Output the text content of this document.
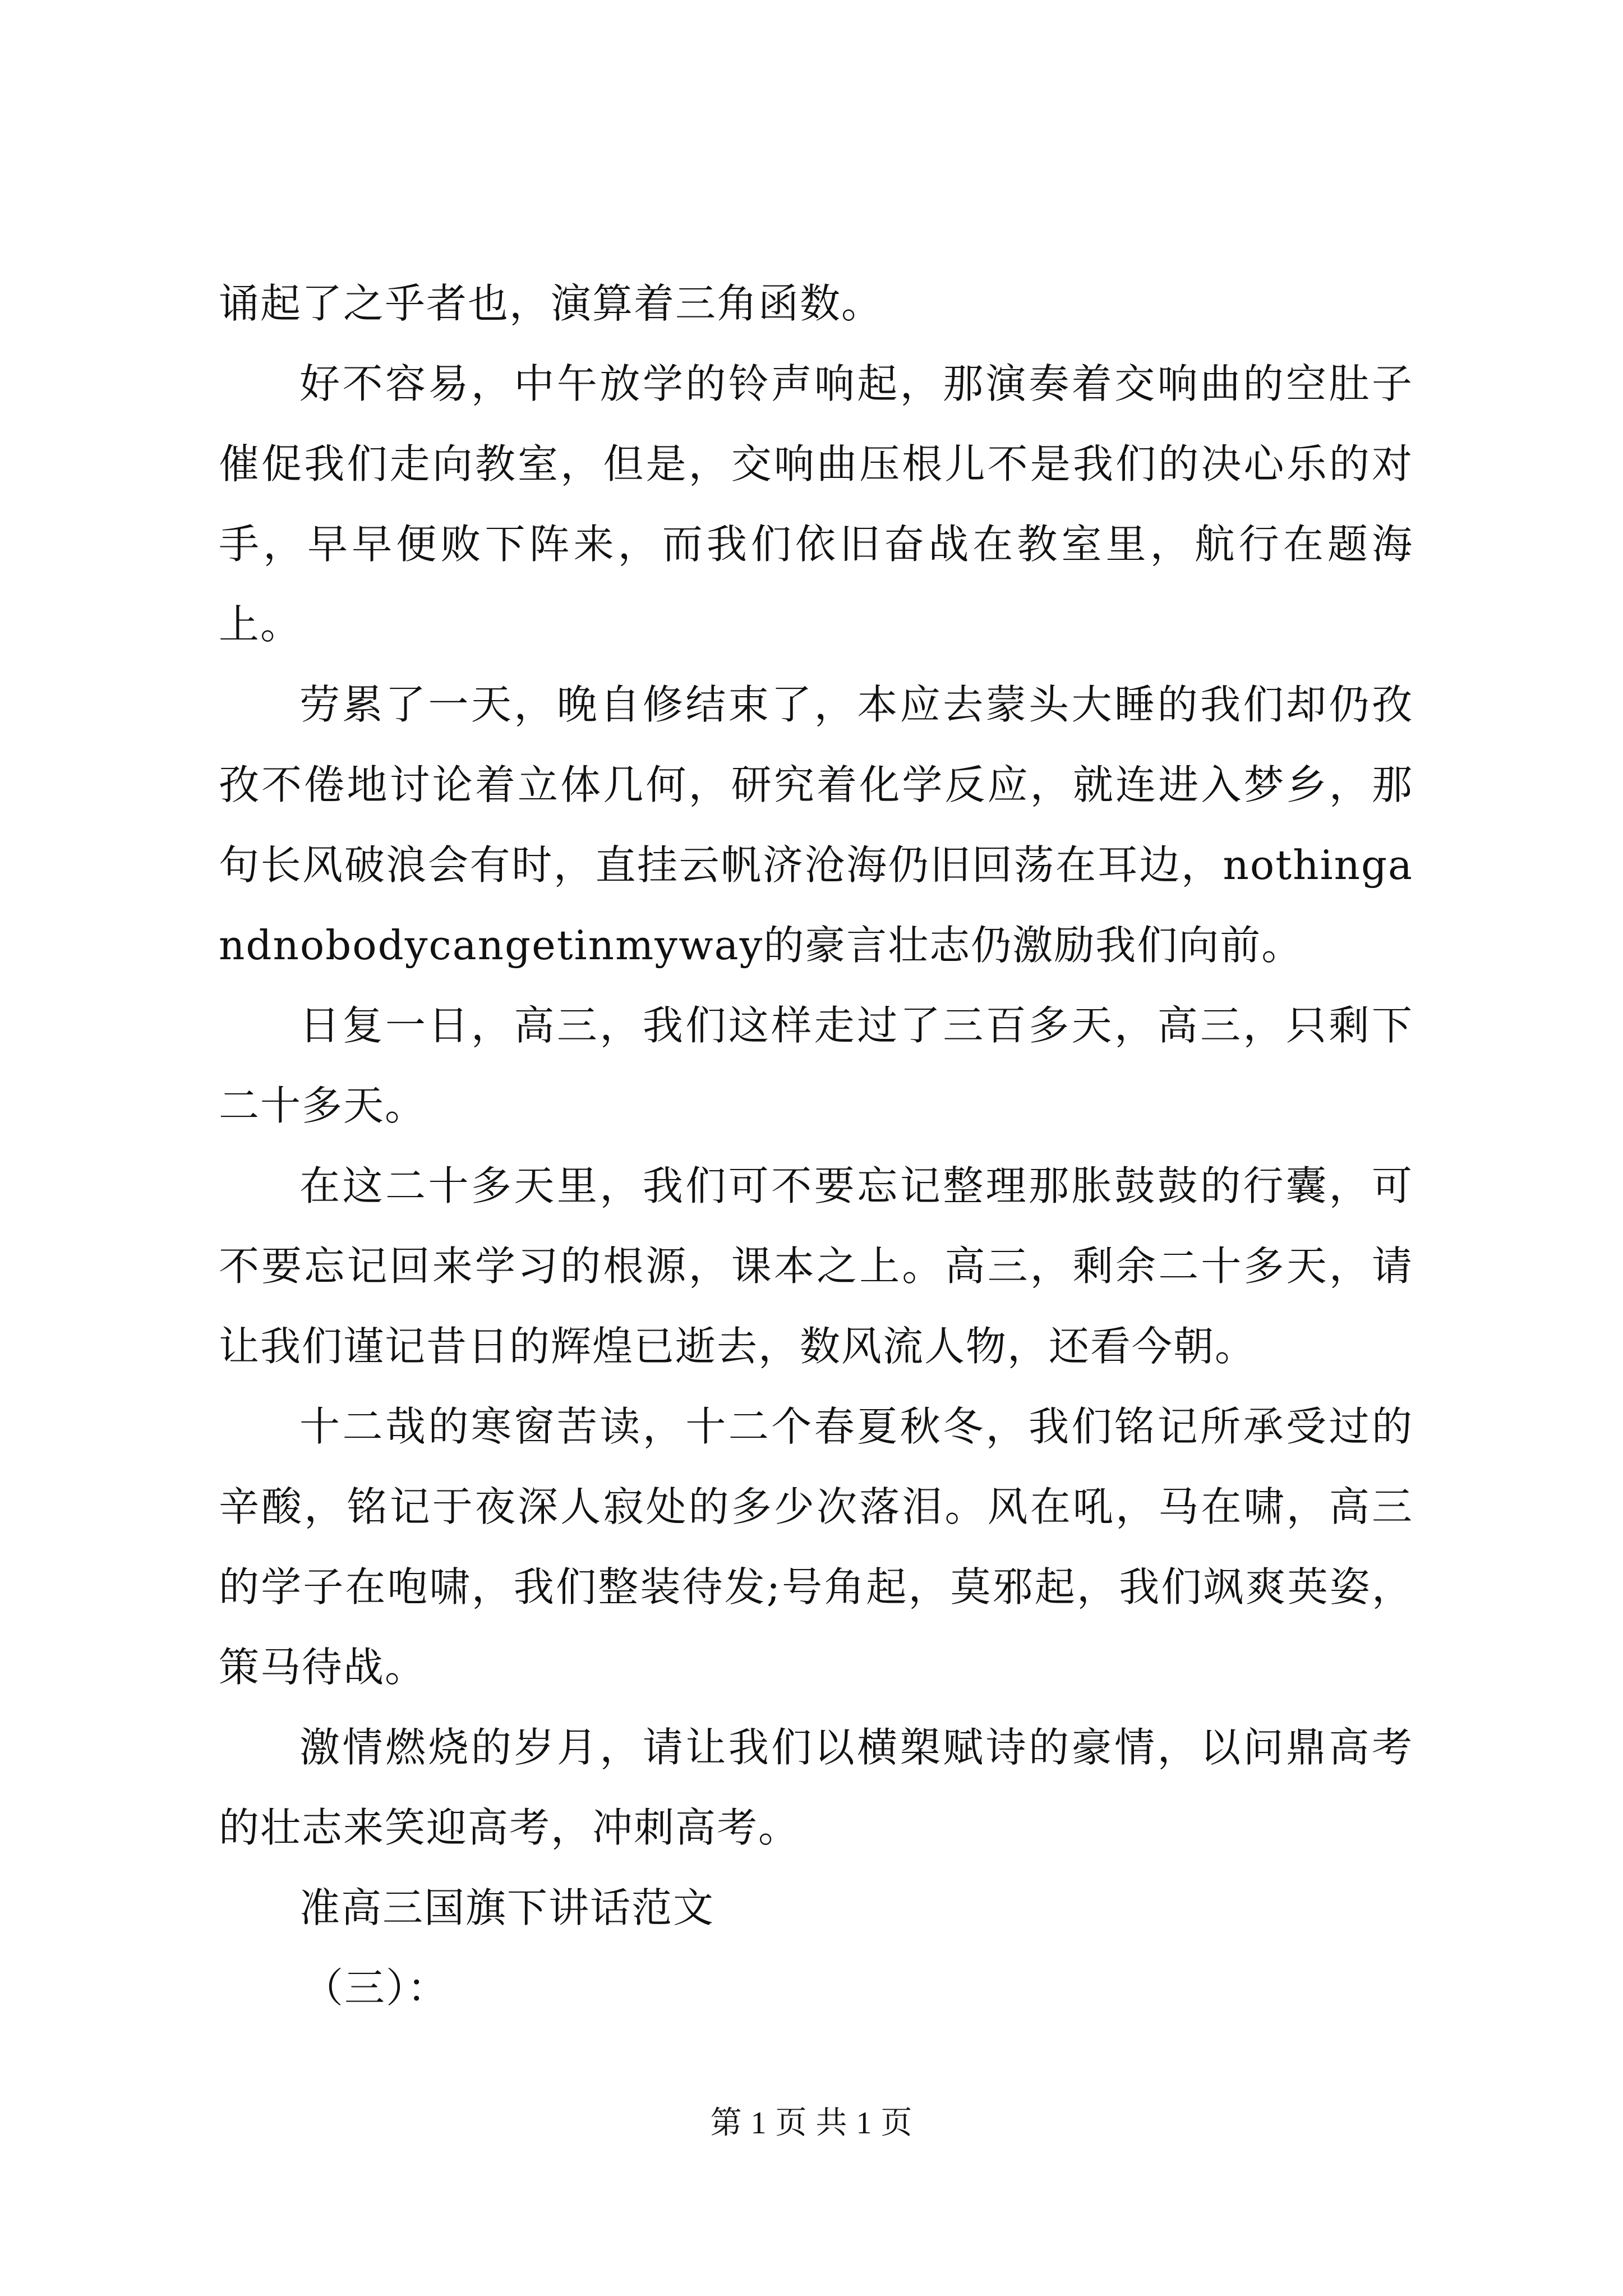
诵起了之乎者也，演算着三角函数。

好不容易，中午放学的铃声响起，那演奏着交响曲的空肚子催促我们走向教室，但是，交响曲压根儿不是我们的决心乐的对手，早早便败下阵来，而我们依旧奋战在教室里，航行在题海上。

劳累了一天，晚自修结束了，本应去蒙头大睡的我们却仍孜孜不倦地讨论着立体几何，研究着化学反应，就连进入梦乡，那句长风破浪会有时，直挂云帆济沧海仍旧回荡在耳边，nothingandnobodycangetinmyway的豪言壮志仍激励我们向前。

日复一日，高三，我们这样走过了三百多天，高三，只剩下二十多天。

在这二十多天里，我们可不要忘记整理那胀鼓鼓的行囊，可不要忘记回来学习的根源，课本之上。高三，剩余二十多天，请让我们谨记昔日的辉煌已逝去，数风流人物，还看今朝。

十二哉的寒窗苦读，十二个春夏秋冬，我们铭记所承受过的辛酸，铭记于夜深人寂处的多少次落泪。风在吼，马在啸，高三的学子在咆啸，我们整装待发;号角起，莫邪起，我们飒爽英姿，策马待战。

激情燃烧的岁月，请让我们以横槊赋诗的豪情，以问鼎高考的壮志来笑迎高考，冲刺高考。

准高三国旗下讲话范文

（三）：

第 1 页 共 1 页
